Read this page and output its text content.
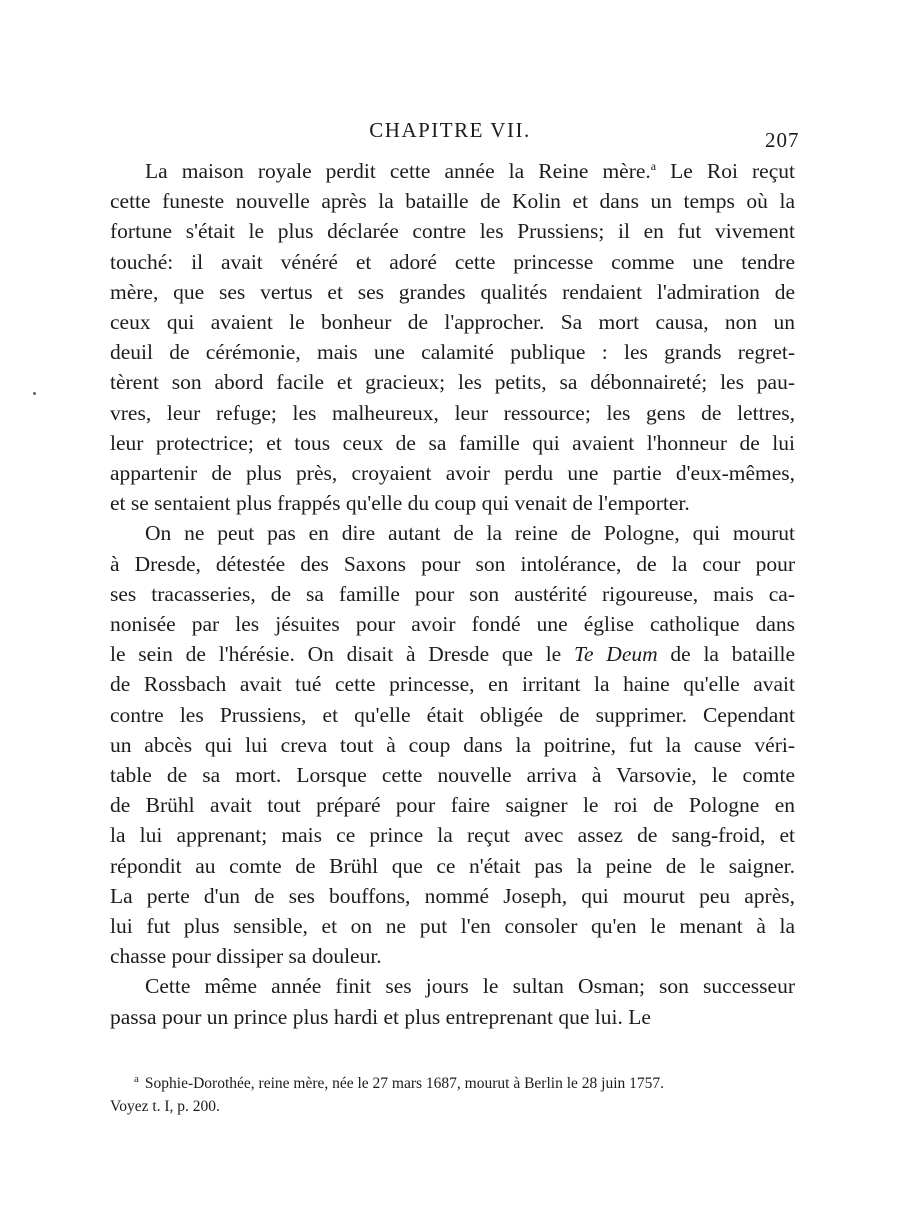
CHAPITRE VII.	207
La maison royale perdit cette année la Reine mère.$^a$ Le Roi reçut
cette funeste nouvelle après la bataille de Kolin et dans un temps où la
fortune s'était le plus déclarée contre les Prussiens; il en fut vivement
touché: il avait vénéré et adoré cette princesse comme une tendre
mère, que ses vertus et ses grandes qualités rendaient l'admiration de
ceux qui avaient le bonheur de l'approcher. Sa mort causa, non un
deuil de cérémonie, mais une calamité publique : les grands regret-
tèrent son abord facile et gracieux; les petits, sa débonnaireté; les pau-
vres, leur refuge; les malheureux, leur ressource; les gens de lettres,
leur protectrice; et tous ceux de sa famille qui avaient l'honneur de lui
appartenir de plus près, croyaient avoir perdu une partie d'eux-mêmes,
et se sentaient plus frappés qu'elle du coup qui venait de l'emporter.
On ne peut pas en dire autant de la reine de Pologne, qui mourut
à Dresde, détestée des Saxons pour son intolérance, de la cour pour
ses tracasseries, de sa famille pour son austérité rigoureuse, mais ca-
nonisée par les jésuites pour avoir fondé une église catholique dans
le sein de l'hérésie. On disait à Dresde que le Te Deum de la bataille
de Rossbach avait tué cette princesse, en irritant la haine qu'elle avait
contre les Prussiens, et qu'elle était obligée de supprimer. Cependant
un abcès qui lui creva tout à coup dans la poitrine, fut la cause véri-
table de sa mort. Lorsque cette nouvelle arriva à Varsovie, le comte
de Brühl avait tout préparé pour faire saigner le roi de Pologne en
la lui apprenant; mais ce prince la reçut avec assez de sang-froid, et
répondit au comte de Brühl que ce n'était pas la peine de le saigner.
La perte d'un de ses bouffons, nommé Joseph, qui mourut peu après,
lui fut plus sensible, et on ne put l'en consoler qu'en le menant à la
chasse pour dissiper sa douleur.
Cette même année finit ses jours le sultan Osman; son successeur
passa pour un prince plus hardi et plus entreprenant que lui. Le
$^a$ Sophie-Dorothée, reine mère, née le 27 mars 1687, mourut à Berlin le 28 juin 1757.
Voyez t. I, p. 200.
